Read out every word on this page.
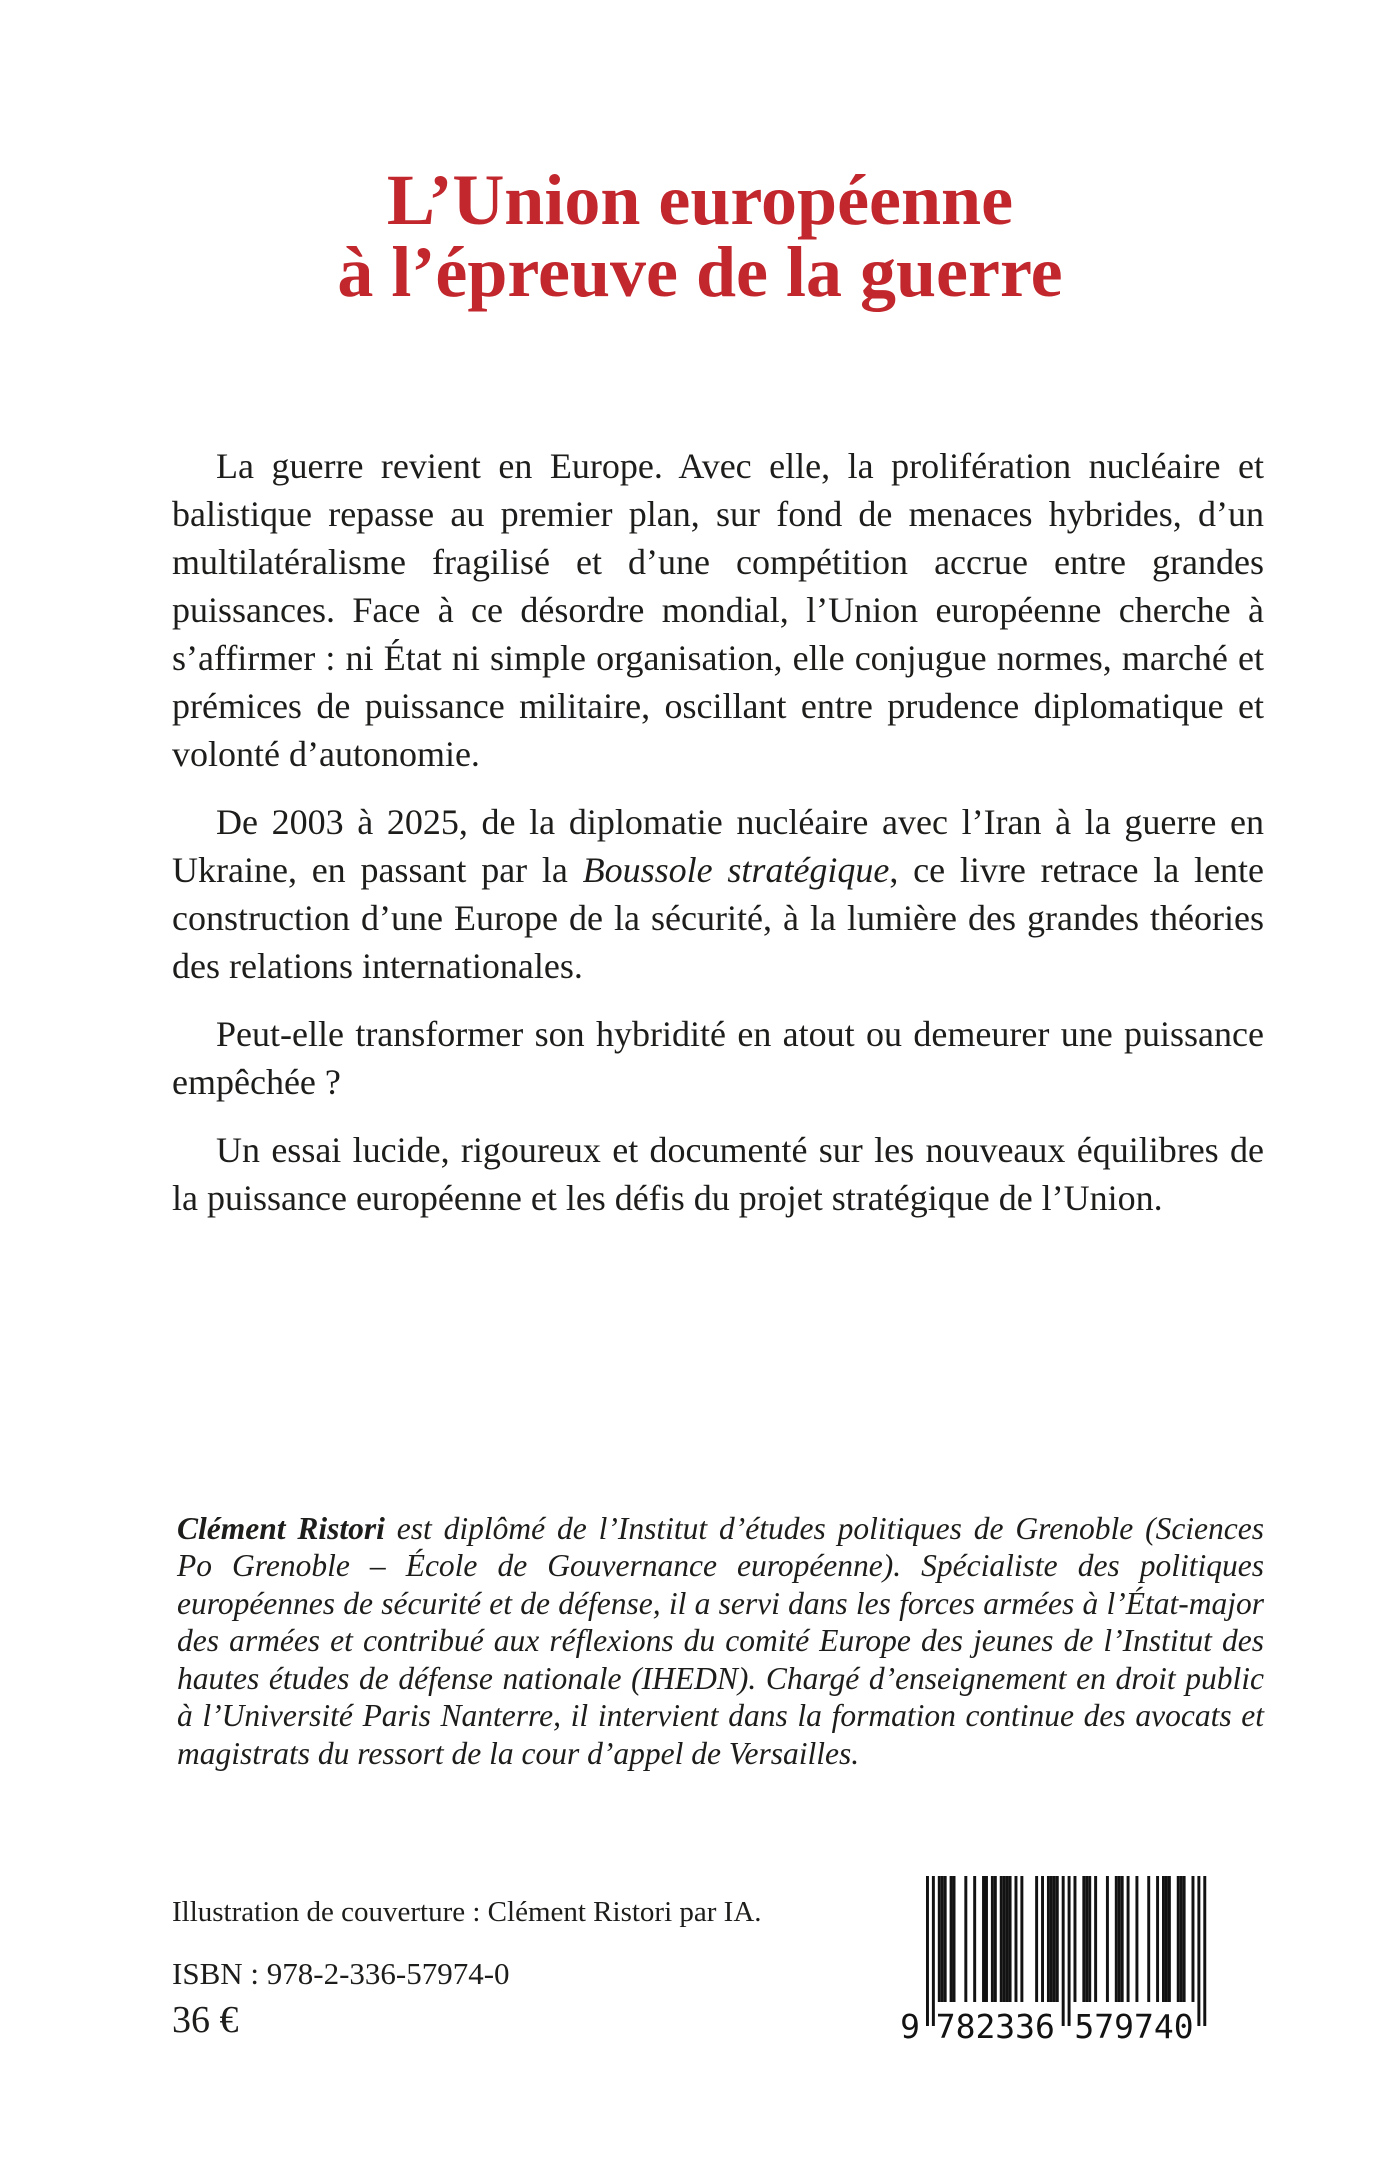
L’Union européenne
à l’épreuve de la guerre

La guerre revient en Europe. Avec elle, la prolifération nucléaire et balistique repasse au premier plan, sur fond de menaces hybrides, d’un multilatéralisme fragilisé et d’une compétition accrue entre grandes puissances. Face à ce désordre mondial, l’Union européenne cherche à s’affirmer : ni État ni simple organisation, elle conjugue normes, marché et prémices de puissance militaire, oscillant entre prudence diplomatique et volonté d’autonomie.

De 2003 à 2025, de la diplomatie nucléaire avec l’Iran à la guerre en Ukraine, en passant par la Boussole stratégique, ce livre retrace la lente construction d’une Europe de la sécurité, à la lumière des grandes théories des relations internationales.

Peut-elle transformer son hybridité en atout ou demeurer une puissance empêchée ?

Un essai lucide, rigoureux et documenté sur les nouveaux équilibres de la puissance européenne et les défis du projet stratégique de l’Union.

Clément Ristori est diplômé de l’Institut d’études politiques de Grenoble (Sciences Po Grenoble – École de Gouvernance européenne). Spécialiste des politiques européennes de sécurité et de défense, il a servi dans les forces armées à l’État-major des armées et contribué aux réflexions du comité Europe des jeunes de l’Institut des hautes études de défense nationale (IHEDN). Chargé d’enseignement en droit public à l’Université Paris Nanterre, il intervient dans la formation continue des avocats et magistrats du ressort de la cour d’appel de Versailles.

Illustration de couverture : Clément Ristori par IA.
ISBN : 978-2-336-57974-0
36 €	9 782336 579740
